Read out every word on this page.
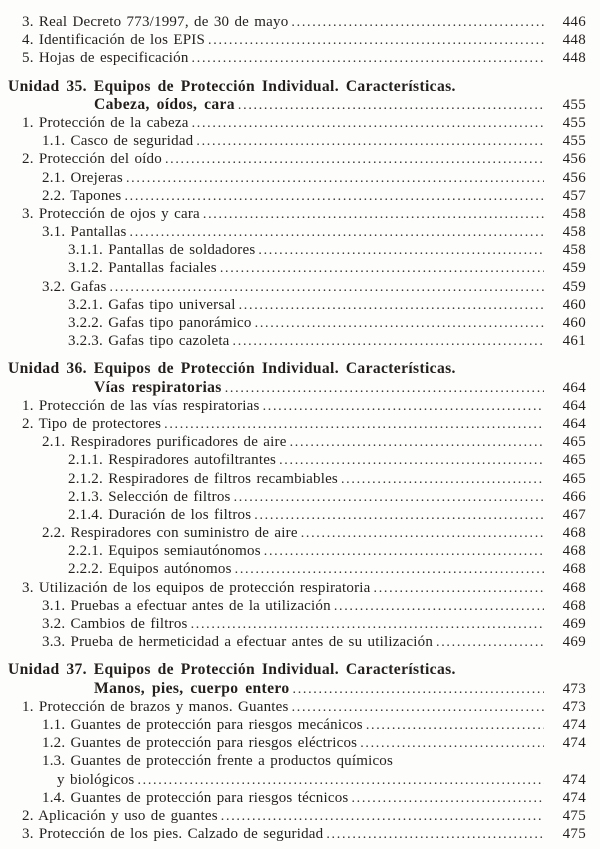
3. Real Decreto 773/1997, de 30 de mayo .....	446
4. Identificación de los EPIS .....	448
5. Hojas de especificación .....	448
Unidad 35. Equipos de Protección Individual. Características.
Cabeza, oídos, cara .....	455
1. Protección de la cabeza .....	455
1.1. Casco de seguridad .....	455
2. Protección del oído .....	456
2.1. Orejeras .....	456
2.2. Tapones .....	457
3. Protección de ojos y cara .....	458
3.1. Pantallas .....	458
3.1.1. Pantallas de soldadores .....	458
3.1.2. Pantallas faciales .....	459
3.2. Gafas .....	459
3.2.1. Gafas tipo universal .....	460
3.2.2. Gafas tipo panorámico .....	460
3.2.3. Gafas tipo cazoleta .....	461
Unidad 36. Equipos de Protección Individual. Características.
Vías respiratorias .....	464
1. Protección de las vías respiratorias .....	464
2. Tipo de protectores .....	464
2.1. Respiradores purificadores de aire .....	465
2.1.1. Respiradores autofiltrantes .....	465
2.1.2. Respiradores de filtros recambiables .....	465
2.1.3. Selección de filtros .....	466
2.1.4. Duración de los filtros .....	467
2.2. Respiradores con suministro de aire .....	468
2.2.1. Equipos semiautónomos .....	468
2.2.2. Equipos autónomos .....	468
3. Utilización de los equipos de protección respiratoria .....	468
3.1. Pruebas a efectuar antes de la utilización .....	468
3.2. Cambios de filtros .....	469
3.3. Prueba de hermeticidad a efectuar antes de su utilización .....	469
Unidad 37. Equipos de Protección Individual. Características.
Manos, pies, cuerpo entero .....	473
1. Protección de brazos y manos. Guantes .....	473
1.1. Guantes de protección para riesgos mecánicos .....	474
1.2. Guantes de protección para riesgos eléctricos .....	474
1.3. Guantes de protección frente a productos químicos
y biológicos .....	474
1.4. Guantes de protección para riesgos técnicos .....	474
2. Aplicación y uso de guantes .....	475
3. Protección de los pies. Calzado de seguridad .....	475
